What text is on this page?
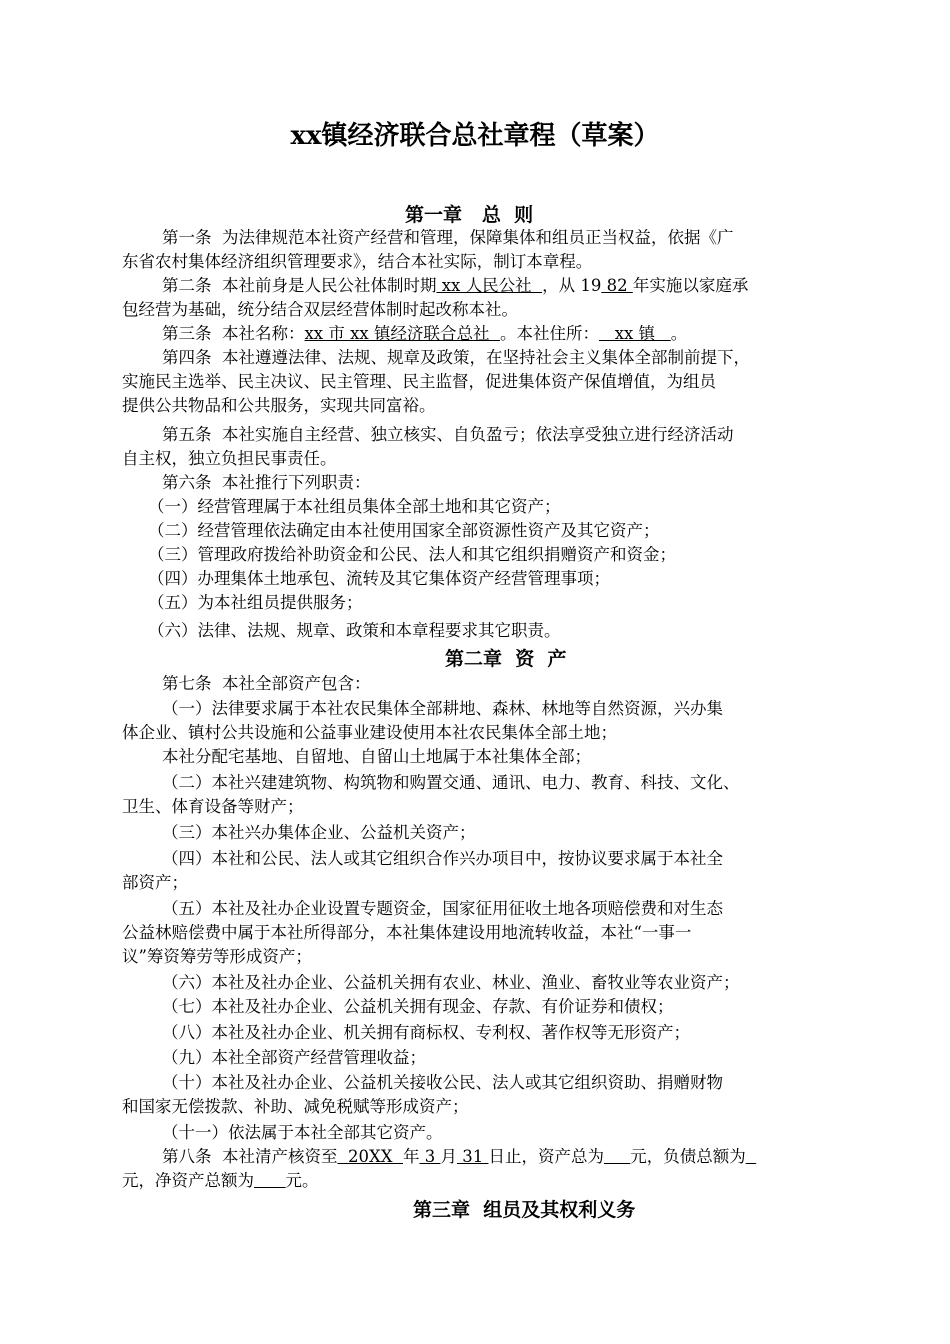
xx镇经济联合总社章程（草案）
第一章   总  则
第一条  为法律规范本社资产经营和管理，保障集体和组员正当权益，依据《广
东省农村集体经济组织管理要求》，结合本社实际，制订本章程。
第二条  本社前身是人民公社体制时期 xx 人民公社  ，从 19 82 年实施以家庭承
包经营为基础，统分结合双层经营体制时起改称本社。
第三条  本社名称：xx 市 xx 镇经济联合总社  。本社住所：   xx 镇   。
第四条  本社遵遵法律、法规、规章及政策，在坚持社会主义集体全部制前提下，
实施民主选举、民主决议、民主管理、民主监督，促进集体资产保值增值，为组员
提供公共物品和公共服务，实现共同富裕。
第五条  本社实施自主经营、独立核实、自负盈亏；依法享受独立进行经济活动
自主权，独立负担民事责任。
第六条  本社推行下列职责：
（一）经营管理属于本社组员集体全部土地和其它资产；
（二）经营管理依法确定由本社使用国家全部资源性资产及其它资产；
（三）管理政府拨给补助资金和公民、法人和其它组织捐赠资产和资金；
（四）办理集体土地承包、流转及其它集体资产经营管理事项；
（五）为本社组员提供服务；
（六）法律、法规、规章、政策和本章程要求其它职责。
第二章  资  产
第七条  本社全部资产包含：
（一）法律要求属于本社农民集体全部耕地、森林、林地等自然资源，兴办集
体企业、镇村公共设施和公益事业建设使用本社农民集体全部土地；
本社分配宅基地、自留地、自留山土地属于本社集体全部；
（二）本社兴建建筑物、构筑物和购置交通、通讯、电力、教育、科技、文化、
卫生、体育设备等财产；
（三）本社兴办集体企业、公益机关资产；
（四）本社和公民、法人或其它组织合作兴办项目中，按协议要求属于本社全
部资产；
（五）本社及社办企业设置专题资金，国家征用征收土地各项赔偿费和对生态
公益林赔偿费中属于本社所得部分，本社集体建设用地流转收益，本社“一事一
议”筹资筹劳等形成资产；
（六）本社及社办企业、公益机关拥有农业、林业、渔业、畜牧业等农业资产；
（七）本社及社办企业、公益机关拥有现金、存款、有价证券和债权；
（八）本社及社办企业、机关拥有商标权、专利权、著作权等无形资产；
（九）本社全部资产经营管理收益；
（十）本社及社办企业、公益机关接收公民、法人或其它组织资助、捐赠财物
和国家无偿拨款、补助、减免税赋等形成资产；
（十一）依法属于本社全部其它资产。
第八条  本社清产核资至  20XX  年 3 月 31 日止，资产总为 元，负债总额为
元，净资产总额为 元。
第三章  组员及其权利义务
